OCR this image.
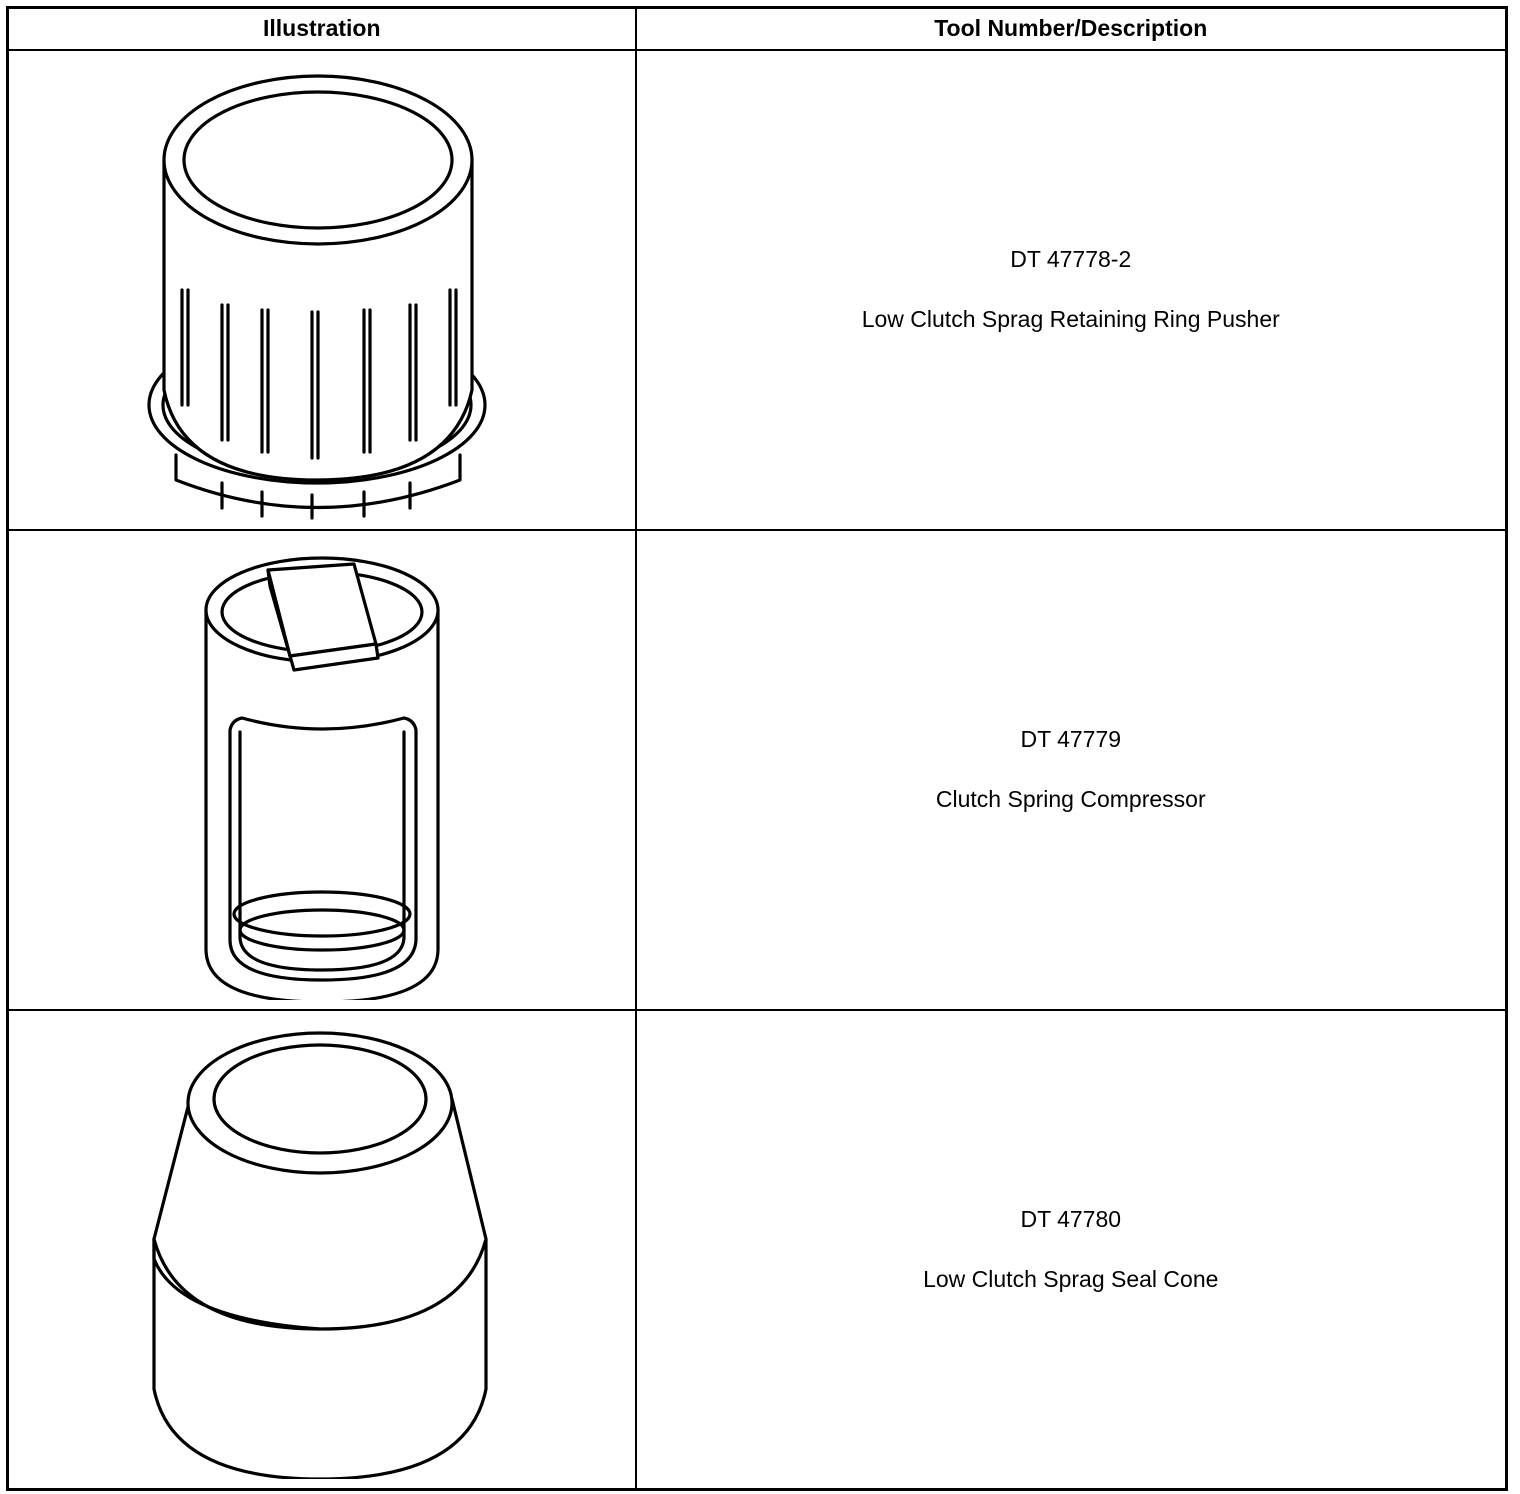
Illustration	Tool Number/Description

DT 47778-2
Low Clutch Sprag Retaining Ring Pusher

DT 47779
Clutch Spring Compressor

DT 47780
Low Clutch Sprag Seal Cone
